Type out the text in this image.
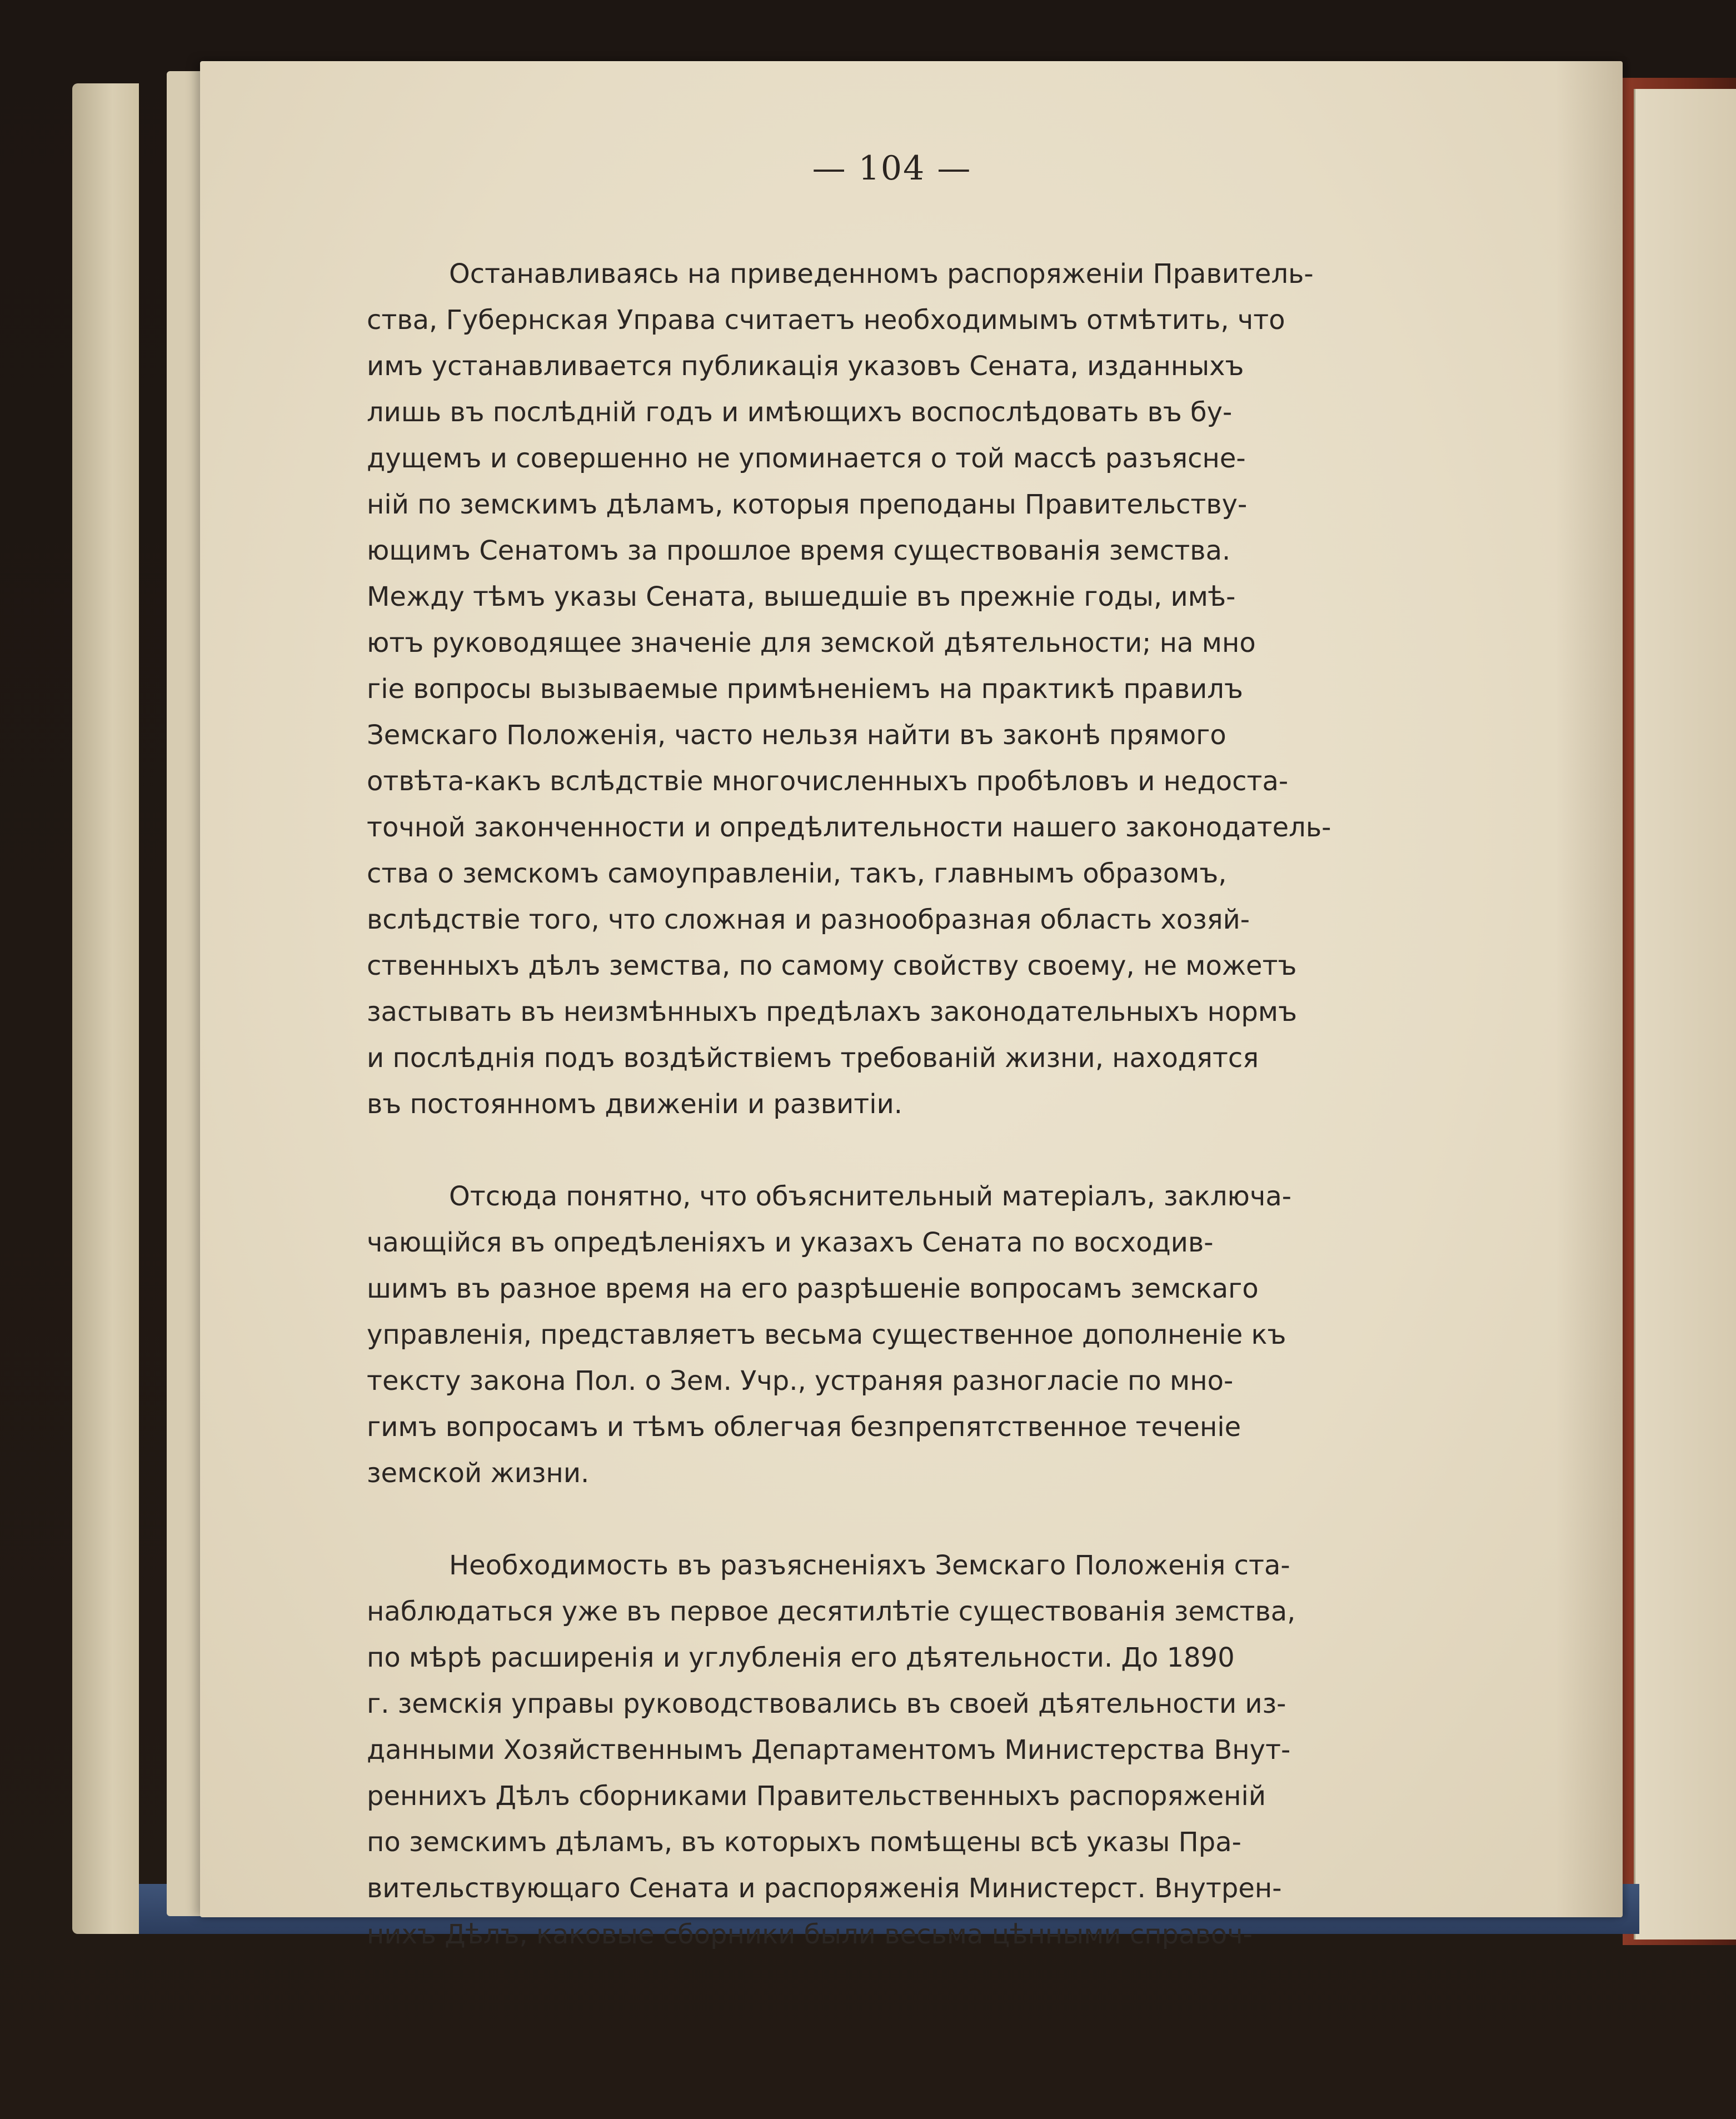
— 104 —
Останавливаясь на приведенномъ распоряженiи Правитель-
ства, Губернская Управа считаетъ необходимымъ отмѣтить, что
имъ устанавливается публикацiя указовъ Сената, изданныхъ
лишь въ послѣднiй годъ и имѣющихъ воспослѣдовать въ бу-
дущемъ и совершенно не упоминается о той массѣ разъясне-
нiй по земскимъ дѣламъ, которыя преподаны Правительству-
ющимъ Сенатомъ за прошлое время существованiя земства.
Между тѣмъ указы Сената, вышедшiе въ прежнiе годы, имѣ-
ютъ руководящее значенiе для земской дѣятельности; на мно
гiе вопросы вызываемые примѣненiемъ на практикѣ правилъ
Земскаго Положенiя, часто нельзя найти въ законѣ прямого
отвѣта-какъ вслѣдствiе многочисленныхъ пробѣловъ и недоста-
точной законченности и опредѣлительности нашего законодатель-
ства о земскомъ самоуправленiи, такъ, главнымъ образомъ,
вслѣдствiе того, что сложная и разнообразная область хозяй-
ственныхъ дѣлъ земства, по самому свойству своему, не можетъ
застывать въ неизмѣнныхъ предѣлахъ законодательныхъ нормъ
и послѣднiя подъ воздѣйствiемъ требованiй жизни, находятся
въ постоянномъ движенiи и развитiи.
Отсюда понятно, что объяснительный матерiалъ, заключа-
чающiйся въ опредѣленiяхъ и указахъ Сената по восходив-
шимъ въ разное время на его разрѣшенiе вопросамъ земскаго
управленiя, представляетъ весьма существенное дополненiе къ
тексту закона Пол. о Зем. Учр., устраняя разногласiе по мно-
гимъ вопросамъ и тѣмъ облегчая безпрепятственное теченiе
земской жизни.
Необходимость въ разъясненiяхъ Земскаго Положенiя ста-
наблюдаться уже въ первое десятилѣтiе существованiя земства,
по мѣрѣ расширенiя и углубленiя его дѣятельности. До 1890
г. земскiя управы руководствовались въ своей дѣятельности из-
данными Хозяйственнымъ Департаментомъ Министерства Внут-
реннихъ Дѣлъ сборниками Правительственныхъ распоряженiй
по земскимъ дѣламъ, въ которыхъ помѣщены всѣ указы Пра-
вительствующаго Сената и распоряженiя Министерст. Внутрен-
нихъ Дѣлъ, каковые сборники были весьма цѣнными справоч-
